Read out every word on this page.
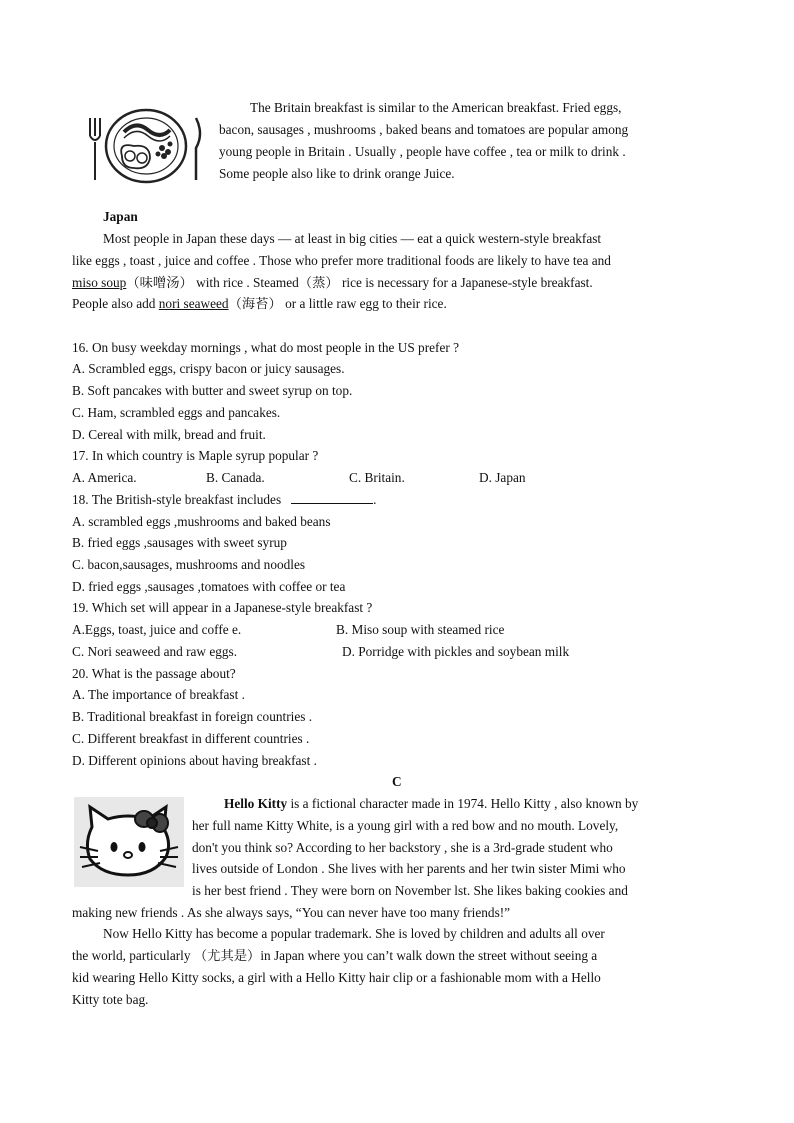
The Britain breakfast is similar to the American breakfast. Fried eggs,
bacon, sausages , mushrooms , baked beans and tomatoes are popular among
young people in Britain . Usually , people have coffee , tea or milk to drink .
Some people also like to drink orange Juice.
Japan
Most people in Japan these days — at least in big cities — eat a quick western-style breakfast
like eggs , toast , juice and coffee . Those who prefer more traditional foods are likely to have tea and
miso soup（味噌汤） with rice . Steamed（蒸） rice is necessary for a Japanese-style breakfast.
People also add nori seaweed（海苔） or a little raw egg to their rice.
16. On busy weekday mornings , what do most people in the US prefer ?
A. Scrambled eggs, crispy bacon or juicy sausages.
B. Soft pancakes with butter and sweet syrup on top.
C. Ham, scrambled eggs and pancakes.
D. Cereal with milk, bread and fruit.
17. In which country is Maple syrup popular ?
A. America.	B. Canada.	C. Britain.	D. Japan
18. The British-style breakfast includes	.
A. scrambled eggs ,mushrooms and baked beans
B. fried eggs ,sausages with sweet syrup
C. bacon,sausages, mushrooms and noodles
D. fried eggs ,sausages ,tomatoes with coffee or tea
19. Which set will appear in a Japanese-style breakfast ?
A.Eggs, toast, juice and coffe e.	B. Miso soup with steamed rice
C. Nori seaweed and raw eggs.	D. Porridge with pickles and soybean milk
20. What is the passage about?
A. The importance of breakfast .
B. Traditional breakfast in foreign countries .
C. Different breakfast in different countries .
D. Different opinions about having breakfast .
C
Hello Kitty is a fictional character made in 1974. Hello Kitty , also known by
her full name Kitty White, is a young girl with a red bow and no mouth. Lovely,
don't you think so? According to her backstory , she is a 3rd-grade student who
lives outside of London . She lives with her parents and her twin sister Mimi who
is her best friend . They were born on November lst. She likes baking cookies and
making new friends . As she always says, “You can never have too many friends!”
Now Hello Kitty has become a popular trademark. She is loved by children and adults all over
the world, particularly （尤其是）in Japan where you can’t walk down the street without seeing a
kid wearing Hello Kitty socks, a girl with a Hello Kitty hair clip or a fashionable mom with a Hello
Kitty tote bag.
